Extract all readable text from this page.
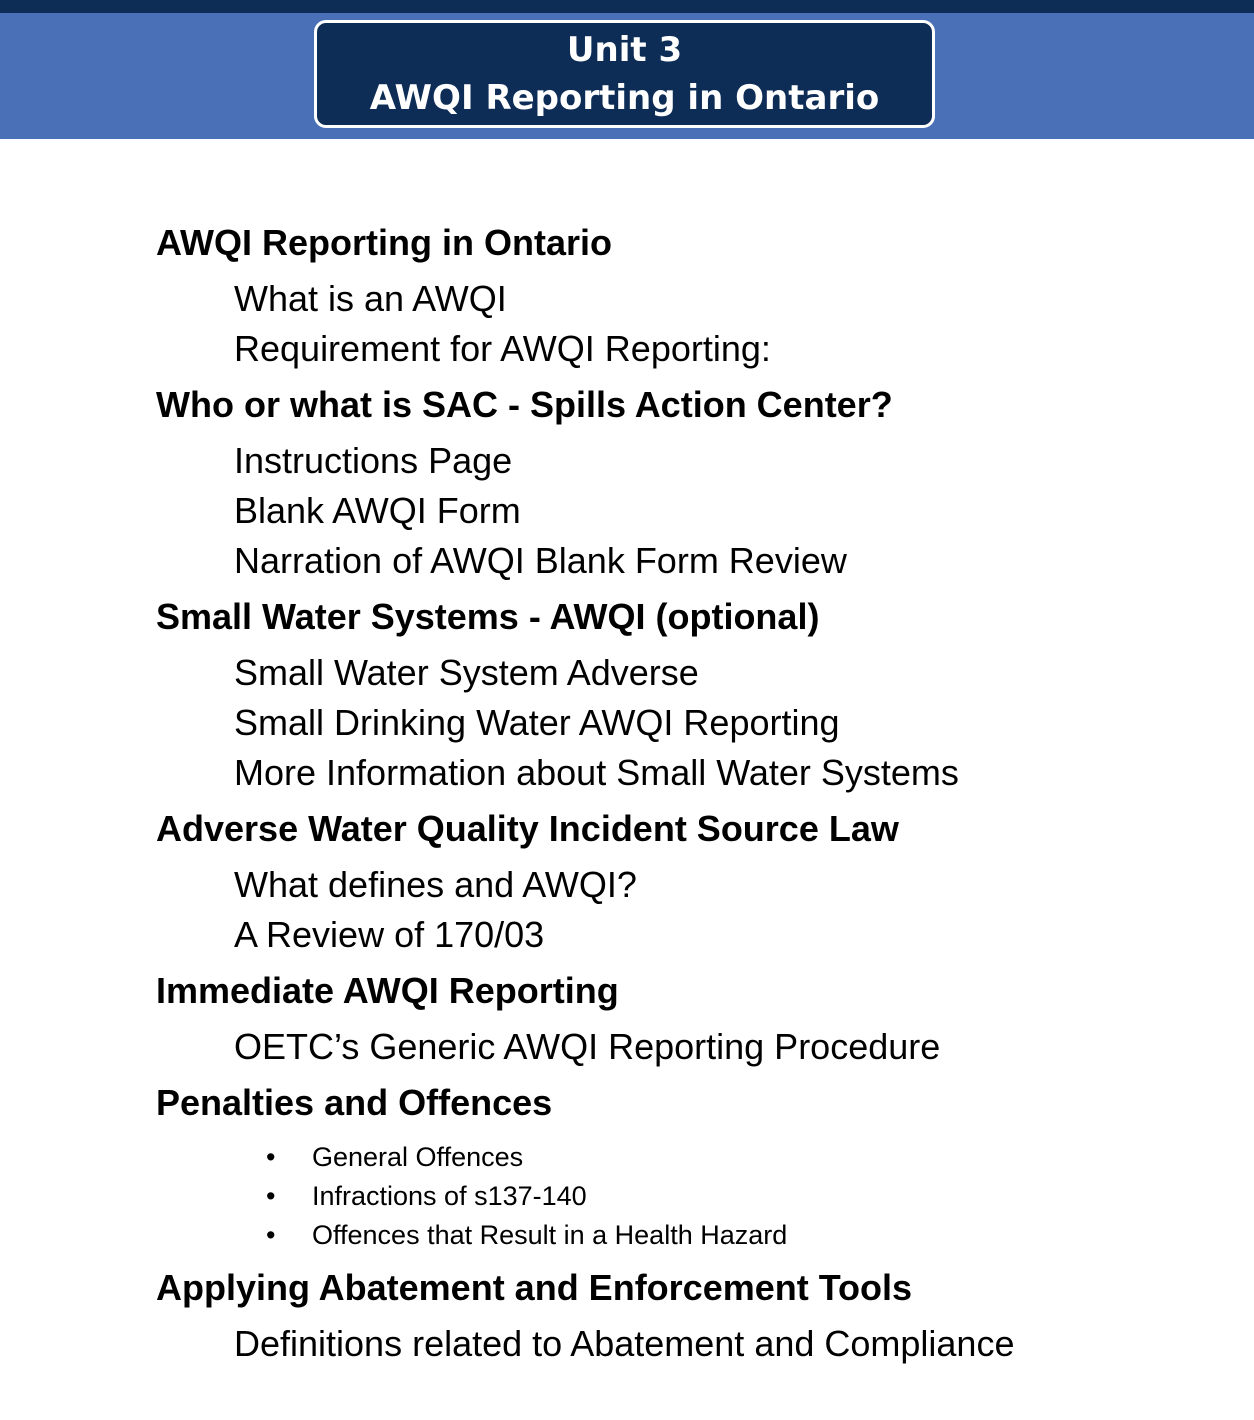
Unit 3
AWQI Reporting in Ontario
AWQI Reporting in Ontario
What is an AWQI
Requirement for AWQI Reporting:
Who or what is SAC - Spills Action Center?
Instructions Page
Blank AWQI Form
Narration of AWQI Blank Form Review
Small Water Systems - AWQI (optional)
Small Water System Adverse
Small Drinking Water AWQI Reporting
More Information about Small Water Systems
Adverse Water Quality Incident Source Law
What defines and AWQI?
A Review of 170/03
Immediate AWQI Reporting
OETC’s Generic AWQI Reporting Procedure
Penalties and Offences
• General Offences
• Infractions of s137-140
• Offences that Result in a Health Hazard
Applying Abatement and Enforcement Tools
Definitions related to Abatement and Compliance
